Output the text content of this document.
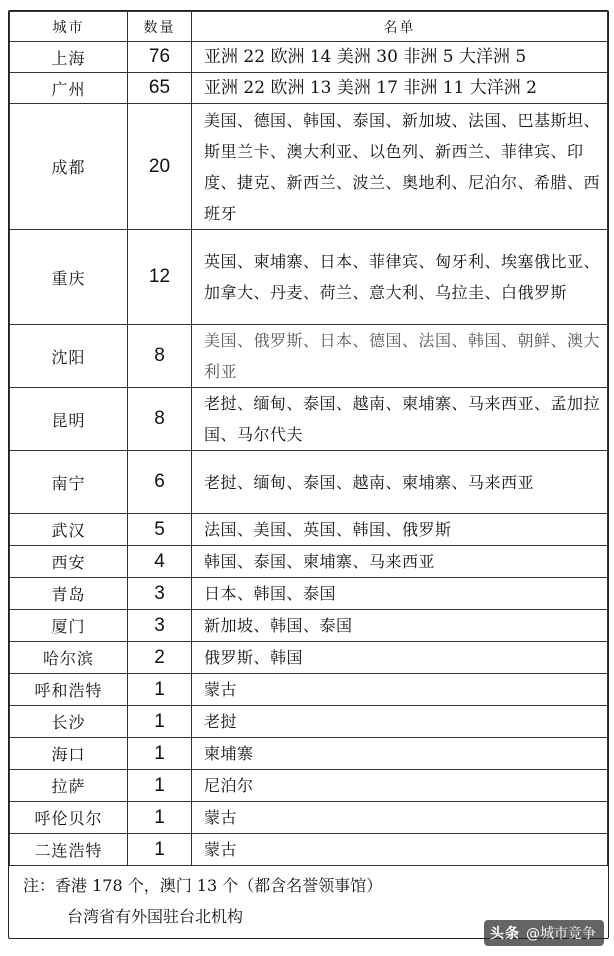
城市	数量	名单
上海	76	亚洲 22 欧洲 14 美洲 30 非洲 5 大洋洲 5
广州	65	亚洲 22 欧洲 13 美洲 17 非洲 11 大洋洲 2
成都	20	美国、德国、韩国、泰国、新加坡、法国、巴基斯坦、斯里兰卡、澳大利亚、以色列、新西兰、菲律宾、印度、捷克、新西兰、波兰、奥地利、尼泊尔、希腊、西班牙
重庆	12	英国、柬埔寨、日本、菲律宾、匈牙利、埃塞俄比亚、加拿大、丹麦、荷兰、意大利、乌拉圭、白俄罗斯
沈阳	8	美国、俄罗斯、日本、德国、法国、韩国、朝鲜、澳大利亚
昆明	8	老挝、缅甸、泰国、越南、柬埔寨、马来西亚、孟加拉国、马尔代夫
南宁	6	老挝、缅甸、泰国、越南、柬埔寨、马来西亚
武汉	5	法国、美国、英国、韩国、俄罗斯
西安	4	韩国、泰国、柬埔寨、马来西亚
青岛	3	日本、韩国、泰国
厦门	3	新加坡、韩国、泰国
哈尔滨	2	俄罗斯、韩国
呼和浩特	1	蒙古
长沙	1	老挝
海口	1	柬埔寨
拉萨	1	尼泊尔
呼伦贝尔	1	蒙古
二连浩特	1	蒙古
注：香港 178 个，澳门 13 个（都含名誉领事馆）
台湾省有外国驻台北机构
头条 @城市竞争
